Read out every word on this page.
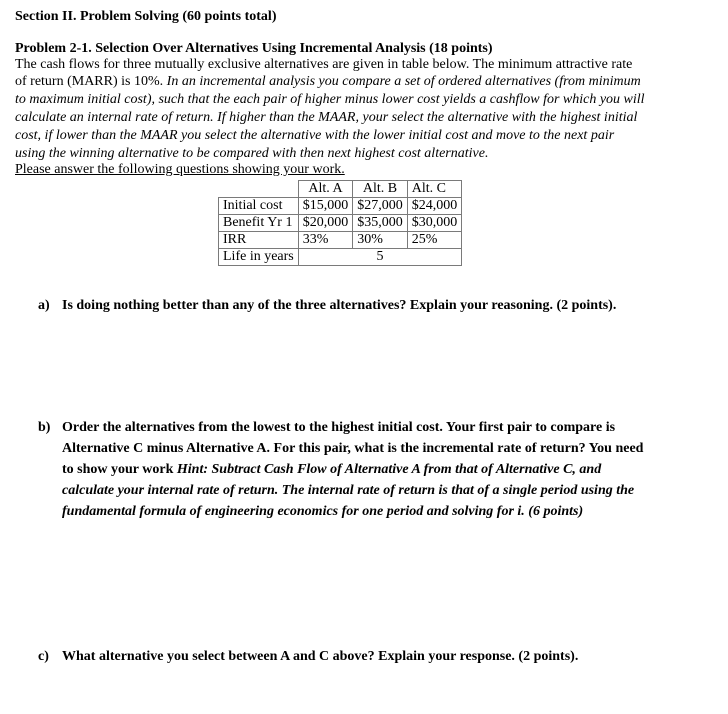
Section II. Problem Solving (60 points total)
Problem 2-1. Selection Over Alternatives Using Incremental Analysis (18 points)
The cash flows for three mutually exclusive alternatives are given in table below. The minimum attractive rate
of return (MARR) is 10%. In an incremental analysis you compare a set of ordered alternatives (from minimum
to maximum initial cost), such that the each pair of higher minus lower cost yields a cashflow for which you will
calculate an internal rate of return. If higher than the MAAR, your select the alternative with the highest initial
cost, if lower than the MAAR you select the alternative with the lower initial cost and move to the next pair
using the winning alternative to be compared with then next highest cost alternative.
Please answer the following questions showing your work.
	Alt. A	Alt. B	Alt. C
Initial cost	$15,000	$27,000	$24,000
Benefit Yr 1	$20,000	$35,000	$30,000
IRR	33%	30%	25%
Life in years	5		
a) Is doing nothing better than any of the three alternatives? Explain your reasoning. (2 points).
b) Order the alternatives from the lowest to the highest initial cost. Your first pair to compare is
Alternative C minus Alternative A. For this pair, what is the incremental rate of return? You need
to show your work Hint: Subtract Cash Flow of Alternative A from that of Alternative C, and
calculate your internal rate of return. The internal rate of return is that of a single period using the
fundamental formula of engineering economics for one period and solving for i. (6 points)
c) What alternative you select between A and C above? Explain your response. (2 points).
